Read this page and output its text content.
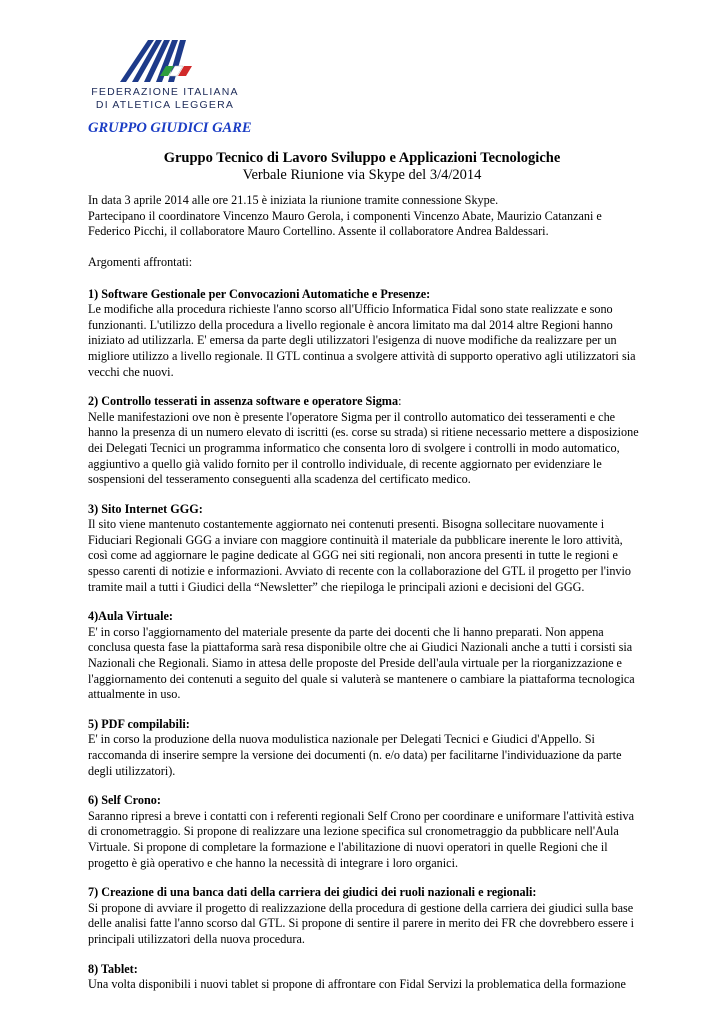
FEDERAZIONE ITALIANA
DI ATLETICA LEGGERA
GRUPPO GIUDICI GARE
Gruppo Tecnico di Lavoro Sviluppo e Applicazioni Tecnologiche
Verbale Riunione via Skype del 3/4/2014

In data 3 aprile 2014 alle ore 21.15 è iniziata la riunione tramite connessione Skype.

Partecipano il coordinatore Vincenzo Mauro Gerola, i componenti Vincenzo Abate, Maurizio Catanzani e Federico Picchi, il collaboratore Mauro Cortellino. Assente il collaboratore Andrea Baldessari.

Argomenti affrontati:

1) Software Gestionale per Convocazioni Automatiche e Presenze:

Le modifiche alla procedura richieste l'anno scorso all'Ufficio Informatica Fidal sono state realizzate e sono funzionanti. L'utilizzo della procedura a livello regionale è ancora limitato ma dal 2014 altre Regioni hanno iniziato ad utilizzarla. E' emersa da parte degli utilizzatori l'esigenza di nuove modifiche da realizzare per un migliore utilizzo a livello regionale. Il GTL continua a svolgere attività di supporto operativo agli utilizzatori sia vecchi che nuovi.

2) Controllo tesserati in assenza software e operatore Sigma:

Nelle manifestazioni ove non è presente l'operatore Sigma per il controllo automatico dei tesseramenti e che hanno la presenza di un numero elevato di iscritti (es. corse su strada) si ritiene necessario mettere a disposizione dei Delegati Tecnici un programma informatico che consenta loro di svolgere i controlli in modo automatico, aggiuntivo a quello già valido fornito per il controllo individuale, di recente aggiornato per evidenziare le sospensioni del tesseramento conseguenti alla scadenza del certificato medico.

3) Sito Internet GGG:

Il sito viene mantenuto costantemente aggiornato nei contenuti presenti. Bisogna sollecitare nuovamente i Fiduciari Regionali GGG a inviare con maggiore continuità il materiale da pubblicare inerente le loro attività, così come ad aggiornare le pagine dedicate al GGG nei siti regionali, non ancora presenti in tutte le regioni e spesso carenti di notizie e informazioni. Avviato di recente con la collaborazione del GTL il progetto per l'invio tramite mail a tutti i Giudici della “Newsletter” che riepiloga le principali azioni e decisioni del GGG.

4)Aula Virtuale:

E' in corso l'aggiornamento del materiale presente da parte dei docenti che li hanno preparati. Non appena conclusa questa fase la piattaforma sarà resa disponibile oltre che ai Giudici Nazionali anche a tutti i corsisti sia Nazionali che Regionali. Siamo in attesa delle proposte del Preside dell'aula virtuale per la riorganizzazione e l'aggiornamento dei contenuti a seguito del quale si valuterà se mantenere o cambiare la piattaforma tecnologica attualmente in uso.

5) PDF compilabili:

E' in corso la produzione della nuova modulistica nazionale per Delegati Tecnici e Giudici d'Appello. Si raccomanda di inserire sempre la versione dei documenti (n. e/o data) per facilitarne l'individuazione da parte degli utilizzatori).

6) Self Crono:

Saranno ripresi a breve i contatti con i referenti regionali Self Crono per coordinare e uniformare l'attività estiva di cronometraggio. Si propone di realizzare una lezione specifica sul cronometraggio da pubblicare nell'Aula Virtuale. Si propone di completare la formazione e l'abilitazione di nuovi operatori in quelle Regioni che il progetto è già operativo e che hanno la necessità di integrare i loro organici.

7) Creazione di una banca dati della carriera dei giudici dei ruoli nazionali e regionali:

Si propone di avviare il progetto di realizzazione della procedura di gestione della carriera dei giudici sulla base delle analisi fatte l'anno scorso dal GTL. Si propone di sentire il parere in merito dei FR che dovrebbero essere i principali utilizzatori della nuova procedura.

8) Tablet:

Una volta disponibili i nuovi tablet si propone di affrontare con Fidal Servizi la problematica della formazione
